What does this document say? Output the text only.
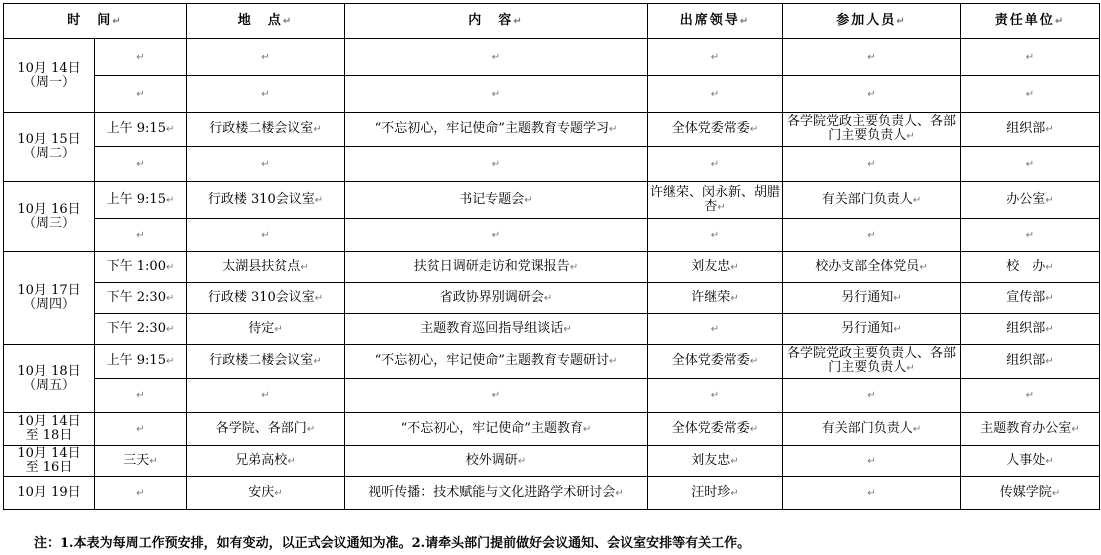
时　间↵		地　点↵	内　容↵	出席领导↵	参加人员↵	责任单位↵

10月 14日
（周一）	↵	↵	↵	↵	↵	↵
	↵	↵	↵	↵	↵	↵

10月 15日
（周二）	上午 9:15↵	行政楼二楼会议室↵	“不忘初心，牢记使命”主题教育专题学习↵	全体党委常委↵	各学院党政主要负责人、各部门主要负责人↵	组织部↵
	↵	↵	↵	↵	↵	↵

10月 16日
（周三）	上午 9:15↵	行政楼 310会议室↵	书记专题会↵	许继荣、闵永新、胡腊杏↵	有关部门负责人↵	办公室↵
	↵	↵	↵	↵	↵	↵

10月 17日
（周四）	下午 1:00↵	太湖县扶贫点↵	扶贫日调研走访和党课报告↵	刘友忠↵	校办支部全体党员↵	校　办↵
	下午 2:30↵	行政楼 310会议室↵	省政协界别调研会↵	许继荣↵	另行通知↵	宣传部↵
	下午 2:30↵	待定↵	主题教育巡回指导组谈话↵	↵	另行通知↵	组织部↵

10月 18日
（周五）	上午 9:15↵	行政楼二楼会议室↵	“不忘初心，牢记使命”主题教育专题研讨↵	全体党委常委↵	各学院党政主要负责人、各部门主要负责人↵	组织部↵
	↵	↵	↵	↵	↵	↵

10月 14日
至 18日	↵	各学院、各部门↵	“不忘初心，牢记使命”主题教育↵	全体党委常委↵	有关部门负责人↵	主题教育办公室↵

10月 14日
至 16日	三天↵	兄弟高校↵	校外调研↵	刘友忠↵	↵	人事处↵

10月 19日	↵	安庆↵	视听传播：技术赋能与文化进路学术研讨会↵	汪时珍↵	↵	传媒学院↵
注：1.本表为每周工作预安排，如有变动，以正式会议通知为准。2.请牵头部门提前做好会议通知、会议室安排等有关工作。
